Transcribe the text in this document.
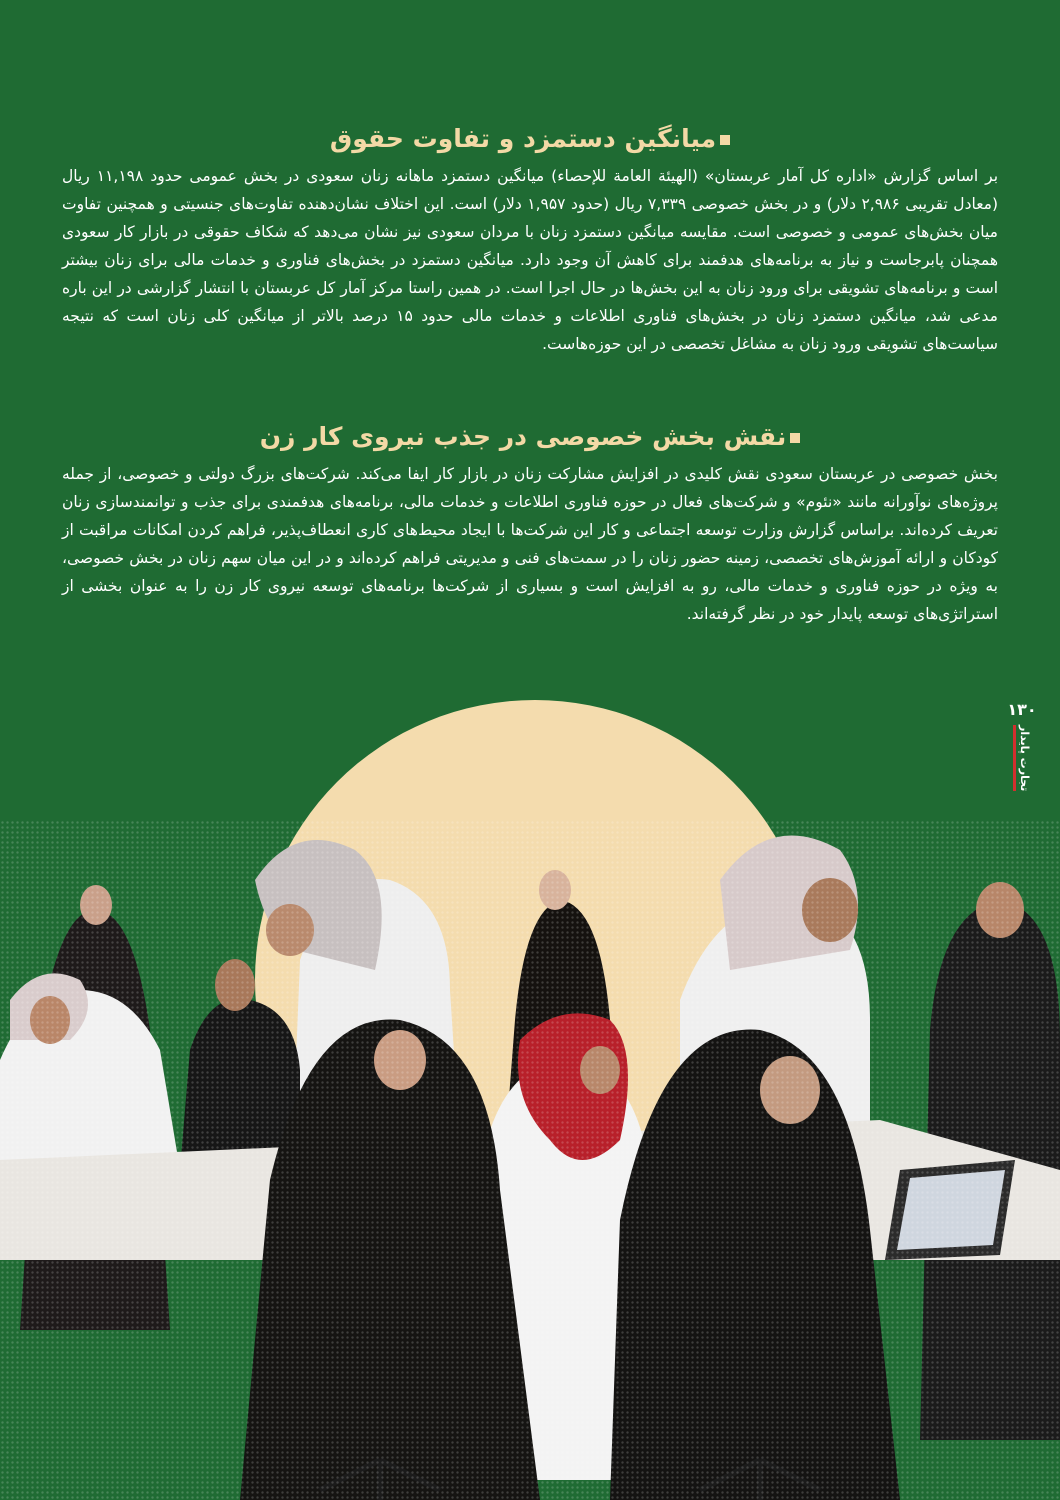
میانگین دستمزد و تفاوت حقوق

بر اساس گزارش «اداره کل آمار عربستان» (الهیئة العامة للإحصاء) میانگین دستمزد ماهانه زنان سعودی در بخش عمومی حدود ۱۱,۱۹۸ ریال (معادل تقریبی ۲,۹۸۶ دلار) و در بخش خصوصی ۷,۳۳۹ ریال (حدود ۱,۹۵۷ دلار) است. این اختلاف نشان‌دهنده تفاوت‌های جنسیتی و همچنین تفاوت میان بخش‌های عمومی و خصوصی است. مقایسه میانگین دستمزد زنان با مردان سعودی نیز نشان می‌دهد که شکاف حقوقی در بازار کار سعودی همچنان پابرجاست و نیاز به برنامه‌های هدفمند برای کاهش آن وجود دارد. میانگین دستمزد در بخش‌های فناوری و خدمات مالی برای زنان بیشتر است و برنامه‌های تشویقی برای ورود زنان به این بخش‌ها در حال اجرا است. در همین راستا مرکز آمار کل عربستان با انتشار گزارشی در این باره مدعی شد، میانگین دستمزد زنان در بخش‌های فناوری اطلاعات و خدمات مالی حدود ۱۵ درصد بالاتر از میانگین کلی زنان است که نتیجه سیاست‌های تشویقی ورود زنان به مشاغل تخصصی در این حوزه‌هاست.

نقش بخش خصوصی در جذب نیروی کار زن

بخش خصوصی در عربستان سعودی نقش کلیدی در افزایش مشارکت زنان در بازار کار ایفا می‌کند. شرکت‌های بزرگ دولتی و خصوصی، از جمله پروژه‌های نوآورانه مانند «نئوم» و شرکت‌های فعال در حوزه فناوری اطلاعات و خدمات مالی، برنامه‌های هدفمندی برای جذب و توانمندسازی زنان تعریف کرده‌اند. براساس گزارش وزارت توسعه اجتماعی و کار این شرکت‌ها با ایجاد محیط‌های کاری انعطاف‌پذیر، فراهم کردن امکانات مراقبت از کودکان و ارائه آموزش‌های تخصصی، زمینه حضور زنان را در سمت‌های فنی و مدیریتی فراهم کرده‌اند و در این میان سهم زنان در بخش خصوصی، به ویژه در حوزه فناوری و خدمات مالی، رو به افزایش است و بسیاری از شرکت‌ها برنامه‌های توسعه نیروی کار زن را به عنوان بخشی از استراتژی‌های توسعه پایدار خود در نظر گرفته‌اند.

۱۳۰
تجارت پایدار
